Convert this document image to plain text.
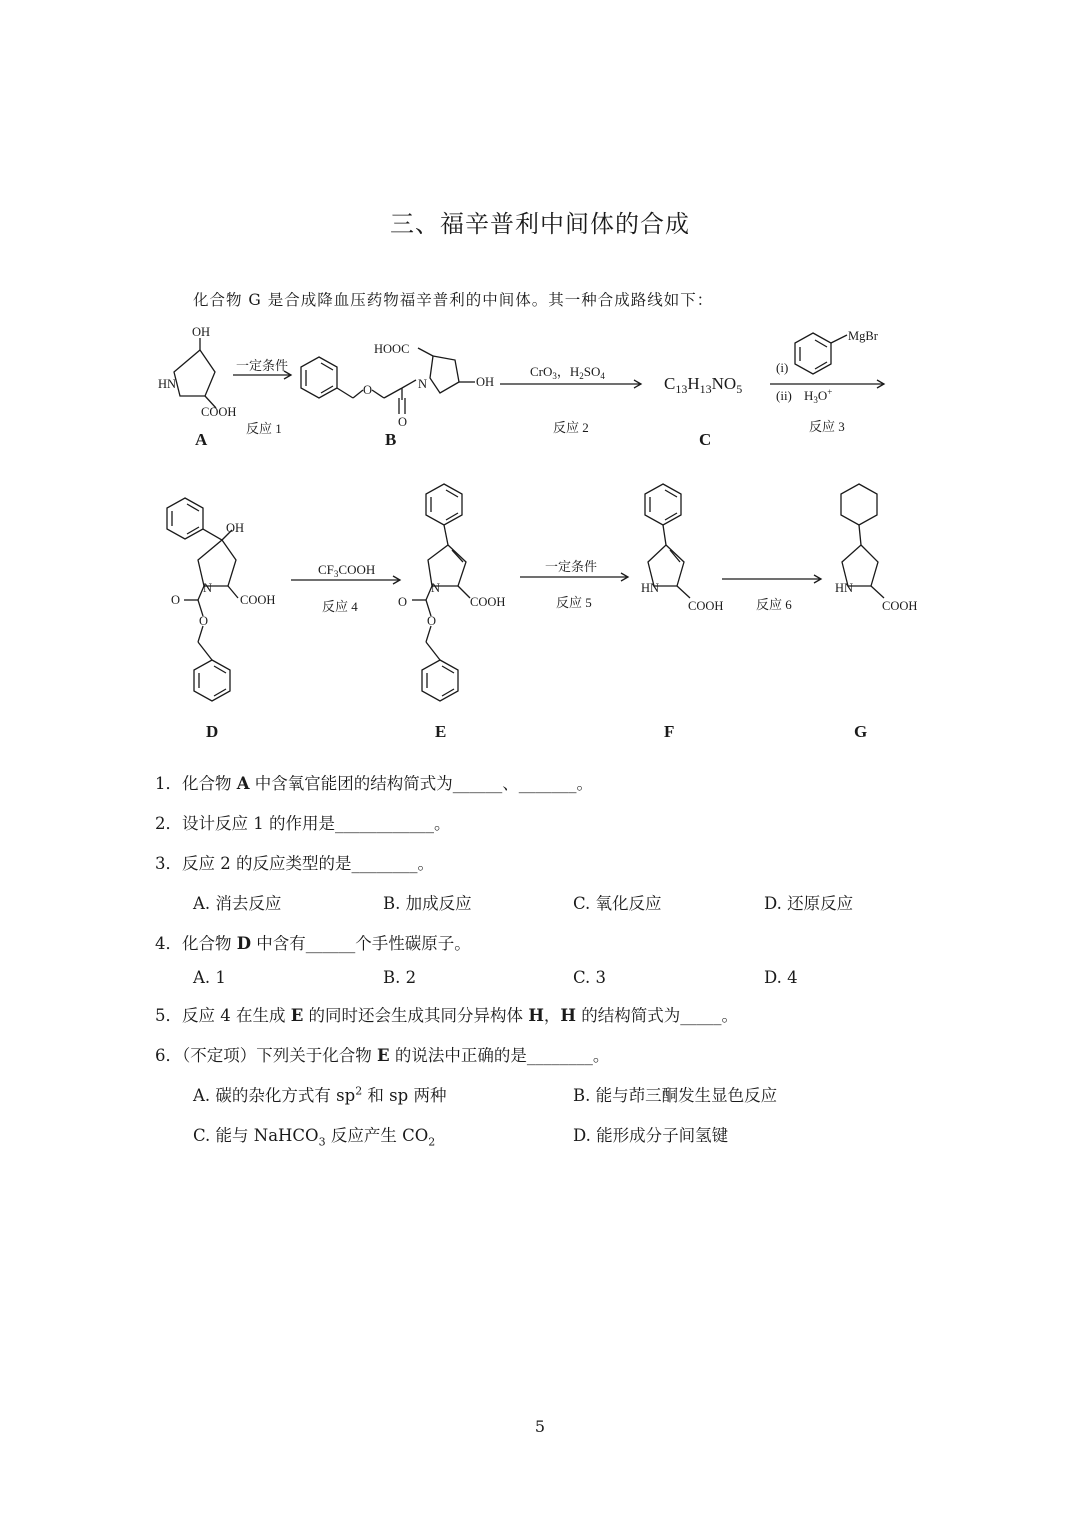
三、福辛普利中间体的合成
化合物 G 是合成降血压药物福辛普利的中间体。其一种合成路线如下：
OH
HN
COOH
HOOC
N
O
O
OH
OH
N
COOH
O
O
N
COOH
O
O
HN
COOH
HN
COOH
MgBr
一定条件
反应 1
CrO$_3$，$H_2SO_4$
反应 2
(i)
(ii) $H_3O^+$
反应 3
$CF_3COOH$
反应 4
一定条件
反应 5	反应 6
$C_{13}H_{13}NO_5$
A	B	C
D	E	F	G
1．化合物 A 中含氧官能团的结构简式为______、_______。
2．设计反应 1 的作用是____________。
3．反应 2 的反应类型的是________。
A. 消去反应	B. 加成反应	C. 氧化反应	D. 还原反应
4．化合物 D 中含有______个手性碳原子。
A. 1	B. 2	C. 3	D. 4
5．反应 4 在生成 E 的同时还会生成其同分异构体 H，H 的结构简式为_____。
6．（不定项）下列关于化合物 E 的说法中正确的是________。
A. 碳的杂化方式有 $sp^2$ 和 sp 两种	B. 能与茚三酮发生显色反应
C. 能与 NaHCO$_3$ 反应产生 $CO_2$	D. 能形成分子间氢键
5
